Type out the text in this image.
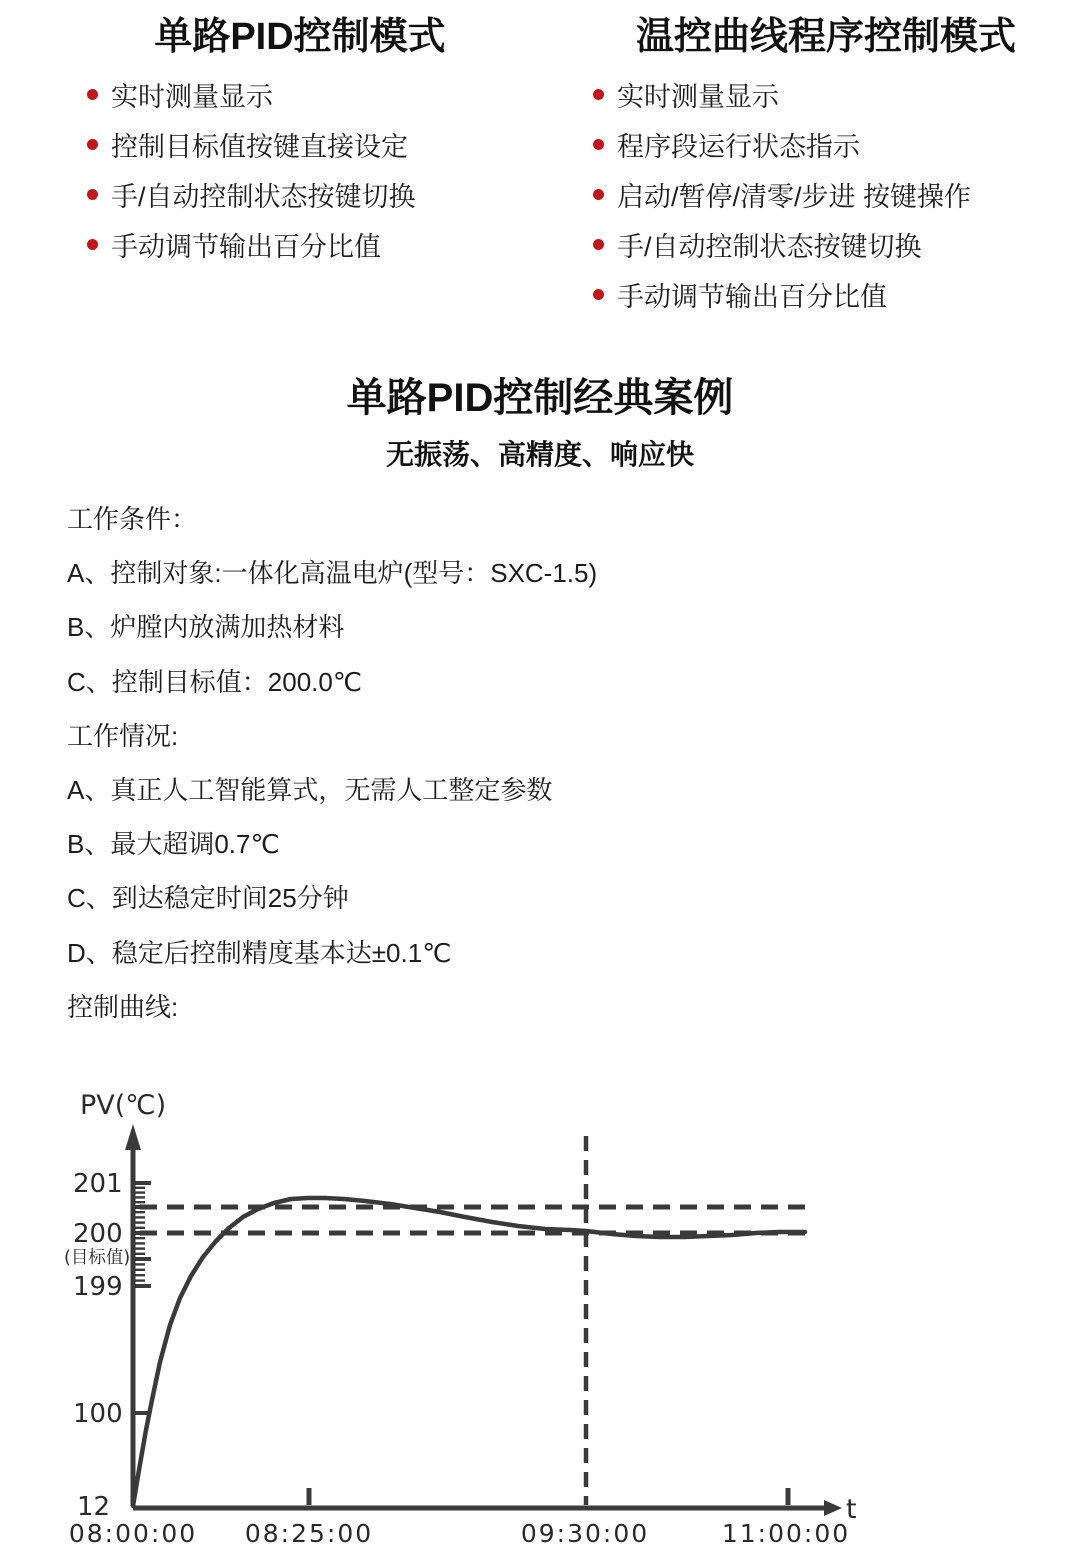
单路PID控制模式
实时测量显示
控制目标值按键直接设定
手/自动控制状态按键切换
手动调节输出百分比值
温控曲线程序控制模式
实时测量显示
程序段运行状态指示
启动/暂停/清零/步进 按键操作
手/自动控制状态按键切换
手动调节输出百分比值
单路PID控制经典案例
无振荡、高精度、响应快

工作条件：

A、控制对象:一体化高温电炉(型号：SXC-1.5)

B、炉膛内放满加热材料

C、控制目标值：200.0℃

工作情况:

A、真正人工智能算式，无需人工整定参数

B、最大超调0.7℃

C、到达稳定时间25分钟

D、稳定后控制精度基本达±0.1℃

控制曲线:

PV(℃)
201
200
199
100
12
(目标值)
08:00:00 08:25:00	09:30:00	11:00:00
t
